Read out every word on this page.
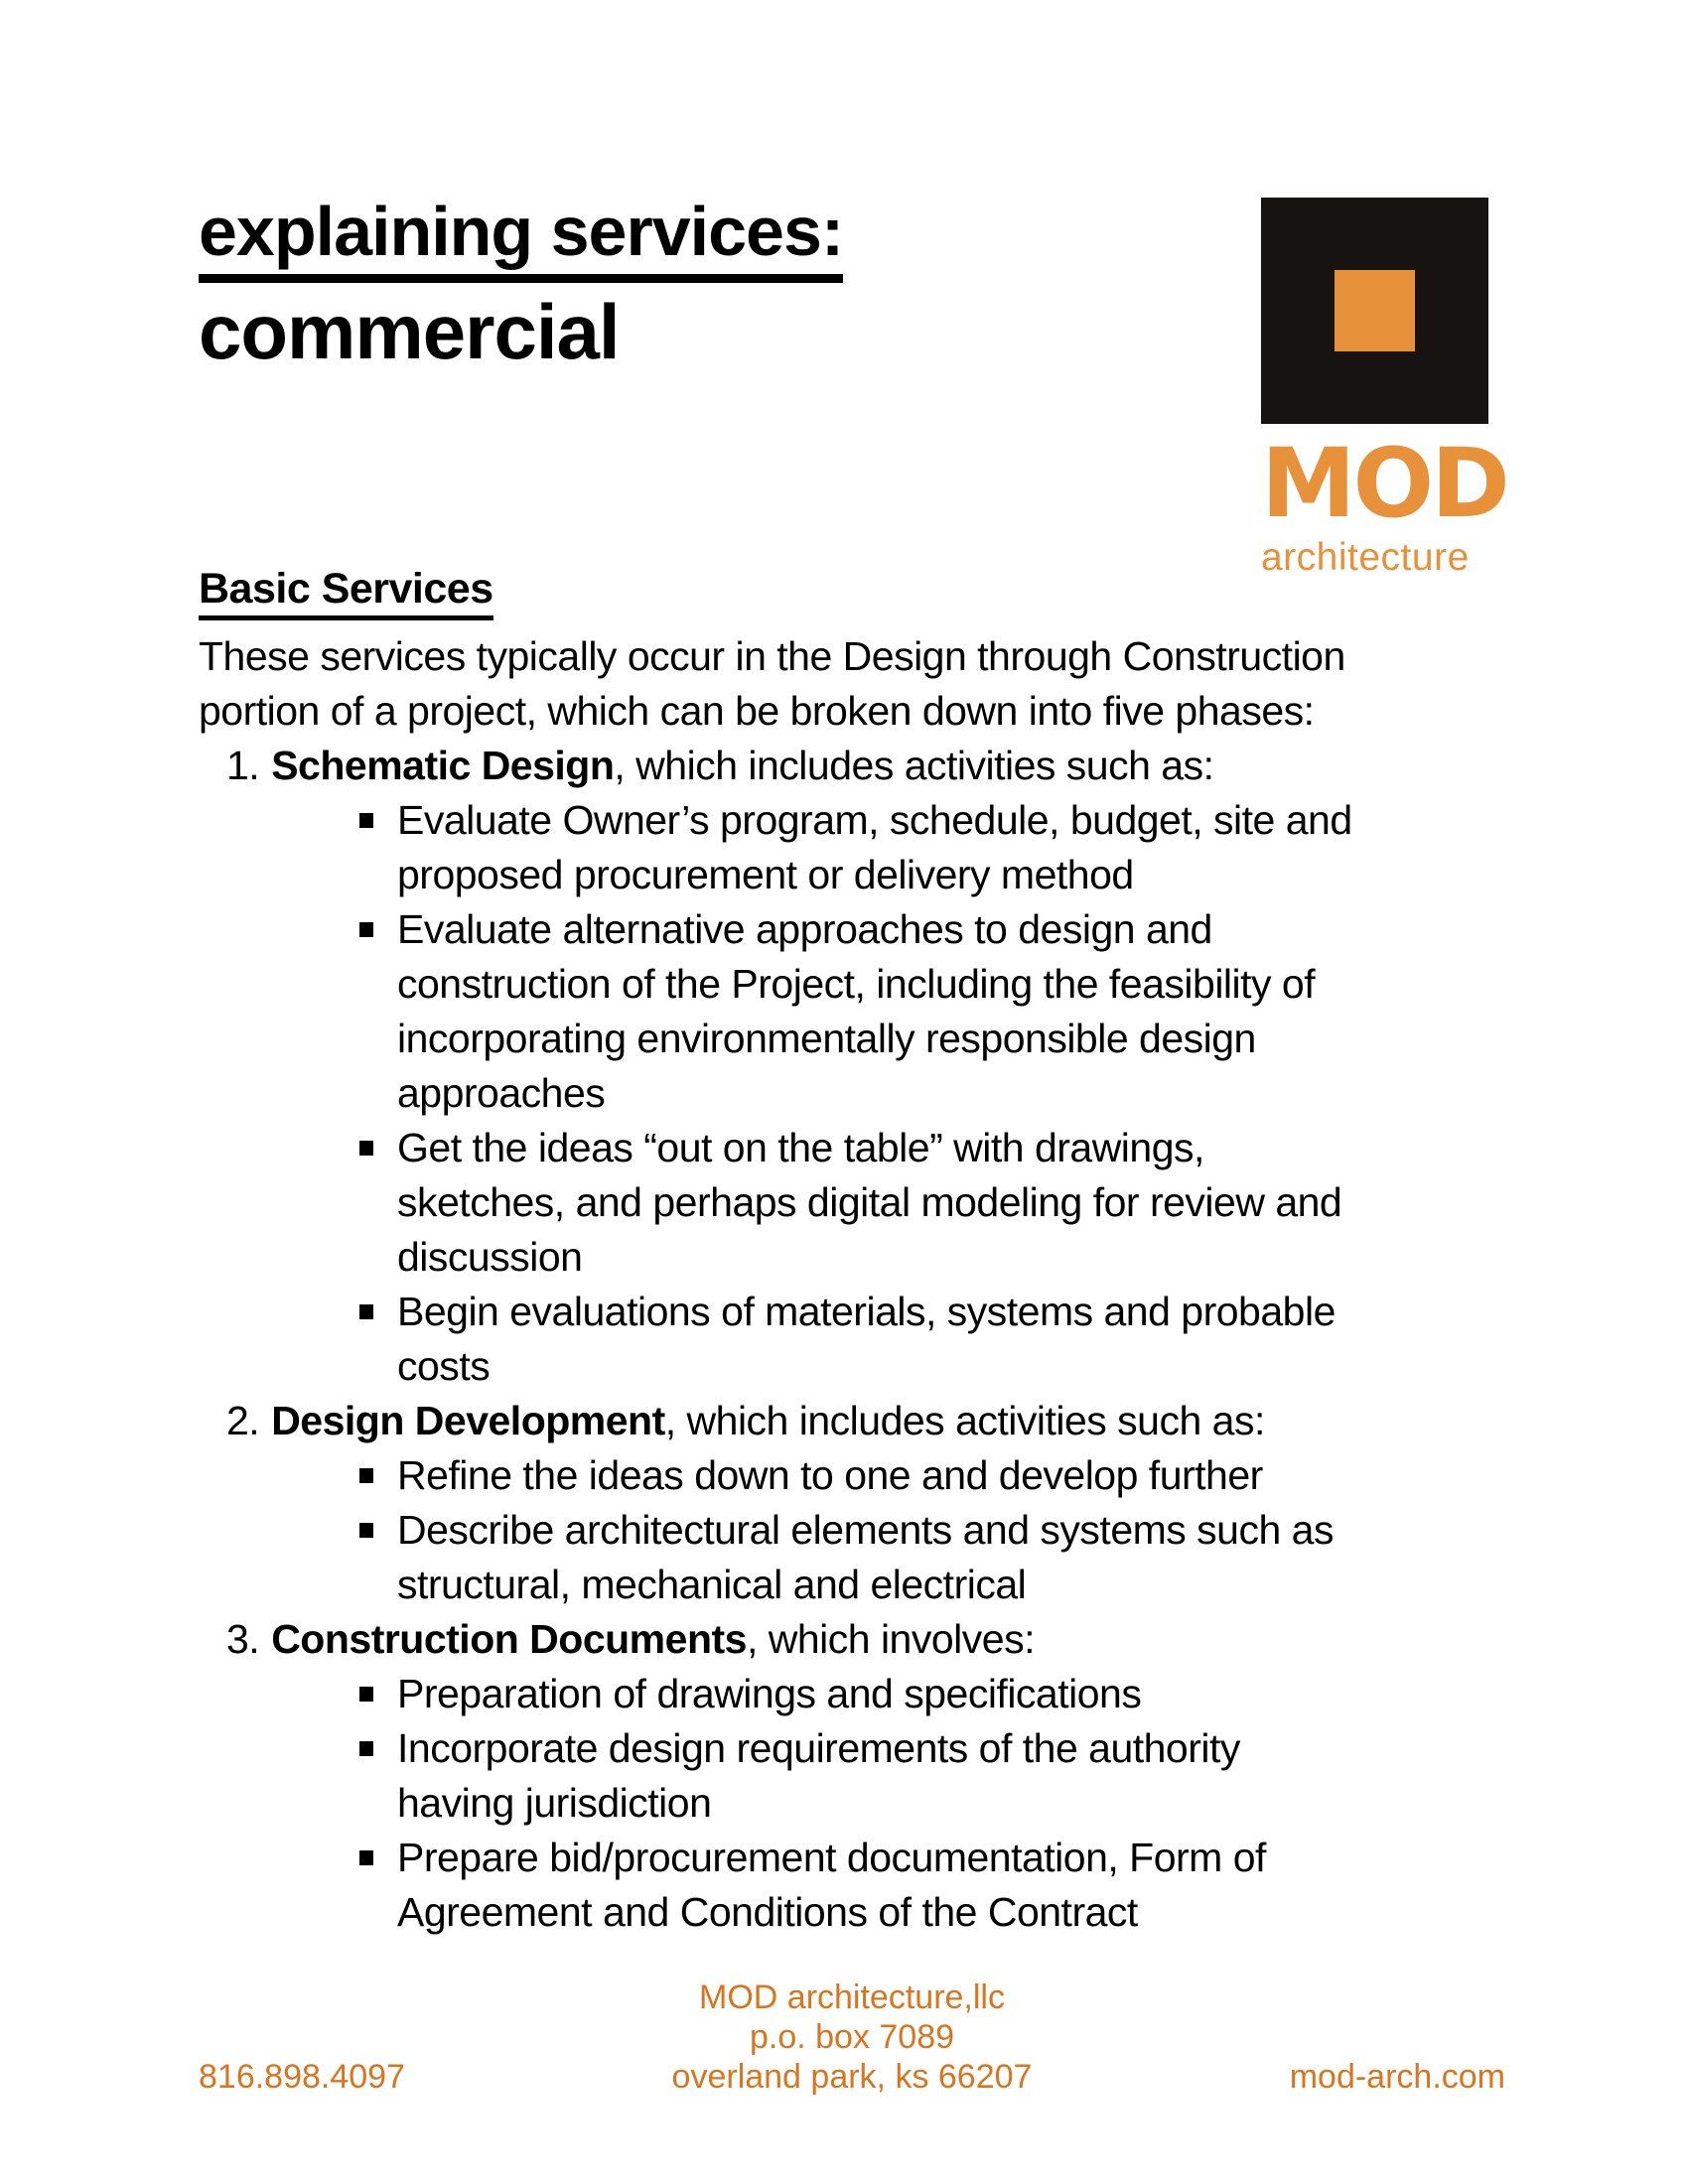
explaining services:
commercial
MOD
architecture
Basic Services
These services typically occur in the Design through Construction portion of a project, which can be broken down into five phases:
1. Schematic Design, which includes activities such as:
Evaluate Owner’s program, schedule, budget, site and proposed procurement or delivery method
Evaluate alternative approaches to design and construction of the Project, including the feasibility of incorporating environmentally responsible design approaches
Get the ideas “out on the table” with drawings, sketches, and perhaps digital modeling for review and discussion
Begin evaluations of materials, systems and probable costs
2. Design Development, which includes activities such as:
Refine the ideas down to one and develop further
Describe architectural elements and systems such as structural, mechanical and electrical
3. Construction Documents, which involves:
Preparation of drawings and specifications
Incorporate design requirements of the authority having jurisdiction
Prepare bid/procurement documentation, Form of Agreement and Conditions of the Contract
816.898.4097
MOD architecture,llc
p.o. box 7089
overland park, ks 66207	mod-arch.com
